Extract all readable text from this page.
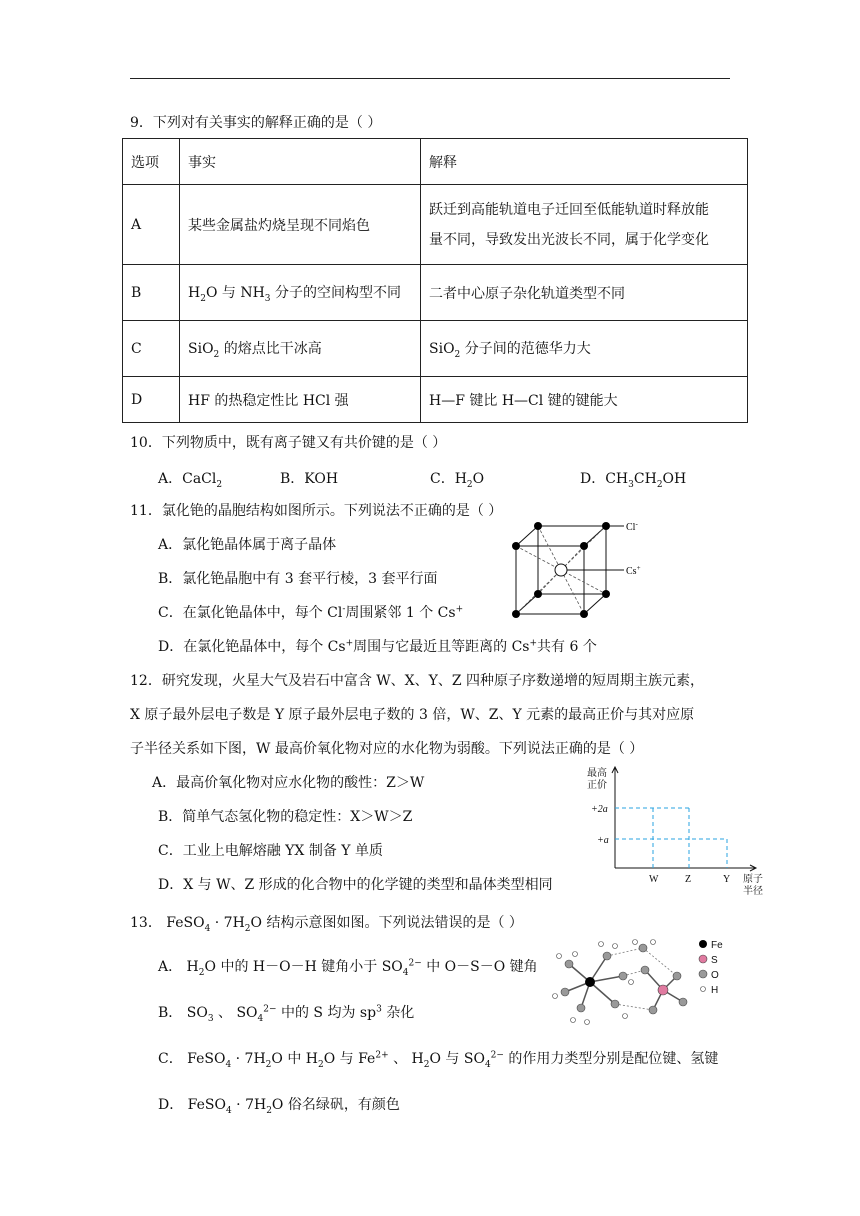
9．下列对有关事实的解释正确的是（ ）
选项	事实	解释
A	某些金属盐灼烧呈现不同焰色	跃迁到高能轨道电子迁回至低能轨道时释放能
量不同，导致发出光波长不同，属于化学变化

B	$H_2O$ 与 $NH_3$ 分子的空间构型不同	二者中心原子杂化轨道类型不同
C	SiO$_2$ 的熔点比干冰高	SiO$_2$ 分子间的范德华力大
D	HF 的热稳定性比 HCl 强	H—F 键比 H—Cl 键的键能大
10．下列物质中，既有离子键又有共价键的是（ ）
A．CaCl$_2$	B．KOH	C．$H_2O$	D．$CH_3CH_2OH$
11．氯化铯的晶胞结构如图所示。下列说法不正确的是（ ）
A．氯化铯晶体属于离子晶体
B．氯化铯晶胞中有 3 套平行棱，3 套平行面
C．在氯化铯晶体中，每个 Cl-周围紧邻 1 个 Cs+
D．在氯化铯晶体中，每个 Cs+周围与它最近且等距离的 Cs+共有 6 个
Cl-
Cs+
12．研究发现，火星大气及岩石中富含 W、X、Y、Z 四种原子序数递增的短周期主族元素，
X 原子最外层电子数是 Y 原子最外层电子数的 3 倍，W、Z、Y 元素的最高正价与其对应原
子半径关系如下图，W 最高价氧化物对应的水化物为弱酸。下列说法正确的是（ ）
A．最高价氧化物对应水化物的酸性：Z＞W
B．简单气态氢化物的稳定性：X＞W＞Z
C．工业上电解熔融 YX 制备 Y 单质
D．X 与 W、Z 形成的化合物中的化学键的类型和晶体类型相同
最高
正价
+2a
+a
W	Z	Y 原子
半径
13． FeSO$_4$ · $7H_2O$ 结构示意图如图。下列说法错误的是（ ）
A． $H_2O$ 中的 H－O－H 键角小于 $SO_4^{2-}$ 中 O－S－O 键角
B． $SO_3$ 、 $SO_4^{2-}$ 中的 S 均为 $sp^3$ 杂化
C． FeSO$_4$ · $7H_2O$ 中 $H_2O$ 与 $Fe^{2+}$ 、 $H_2O$ 与 $SO_4^{2-}$ 的作用力类型分别是配位键、氢键
D． FeSO$_4$ · $7H_2O$ 俗名绿矾，有颜色
Fe
S
O
H
